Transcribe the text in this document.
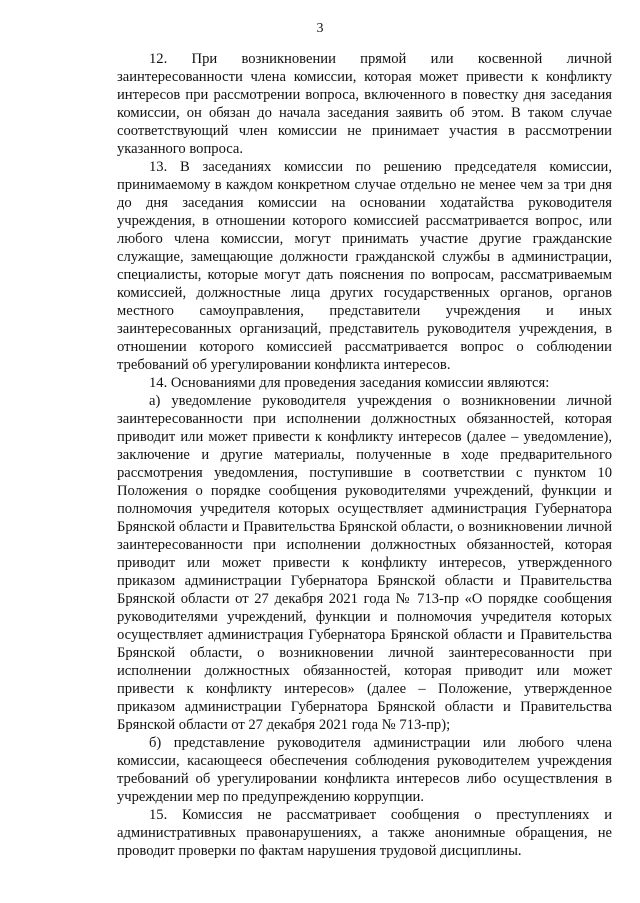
3

12. При возникновении прямой или косвенной личной заинтересованности члена комиссии, которая может привести к конфликту интересов при рассмотрении вопроса, включенного в повестку дня заседания комиссии, он обязан до начала заседания заявить об этом. В таком случае соответствующий член комиссии не принимает участия в рассмотрении указанного вопроса.

13. В заседаниях комиссии по решению председателя комиссии, принимаемому в каждом конкретном случае отдельно не менее чем за три дня до дня заседания комиссии на основании ходатайства руководителя учреждения, в отношении которого комиссией рассматривается вопрос, или любого члена комиссии, могут принимать участие другие гражданские служащие, замещающие должности гражданской службы в администрации, специалисты, которые могут дать пояснения по вопросам, рассматриваемым комиссией, должностные лица других государственных органов, органов местного самоуправления, представители учреждения и иных заинтересованных организаций, представитель руководителя учреждения, в отношении которого комиссией рассматривается вопрос о соблюдении требований об урегулировании конфликта интересов.

14. Основаниями для проведения заседания комиссии являются:

а) уведомление руководителя учреждения о возникновении личной заинтересованности при исполнении должностных обязанностей, которая приводит или может привести к конфликту интересов (далее – уведомление), заключение и другие материалы, полученные в ходе предварительного рассмотрения уведомления, поступившие в соответствии с пунктом 10 Положения о порядке сообщения руководителями учреждений, функции и полномочия учредителя которых осуществляет администрация Губернатора Брянской области и Правительства Брянской области, о возникновении личной заинтересованности при исполнении должностных обязанностей, которая приводит или может привести к конфликту интересов, утвержденного приказом администрации Губернатора Брянской области и Правительства Брянской области от 27 декабря 2021 года № 713-пр «О порядке сообщения руководителями учреждений, функции и полномочия учредителя которых осуществляет администрация Губернатора Брянской области и Правительства Брянской области, о возникновении личной заинтересованности при исполнении должностных обязанностей, которая приводит или может привести к конфликту интересов» (далее – Положение, утвержденное приказом администрации Губернатора Брянской области и Правительства Брянской области от 27 декабря 2021 года № 713-пр);

б) представление руководителя администрации или любого члена комиссии, касающееся обеспечения соблюдения руководителем учреждения требований об урегулировании конфликта интересов либо осуществления в учреждении мер по предупреждению коррупции.

15. Комиссия не рассматривает сообщения о преступлениях и административных правонарушениях, а также анонимные обращения, не проводит проверки по фактам нарушения трудовой дисциплины.
